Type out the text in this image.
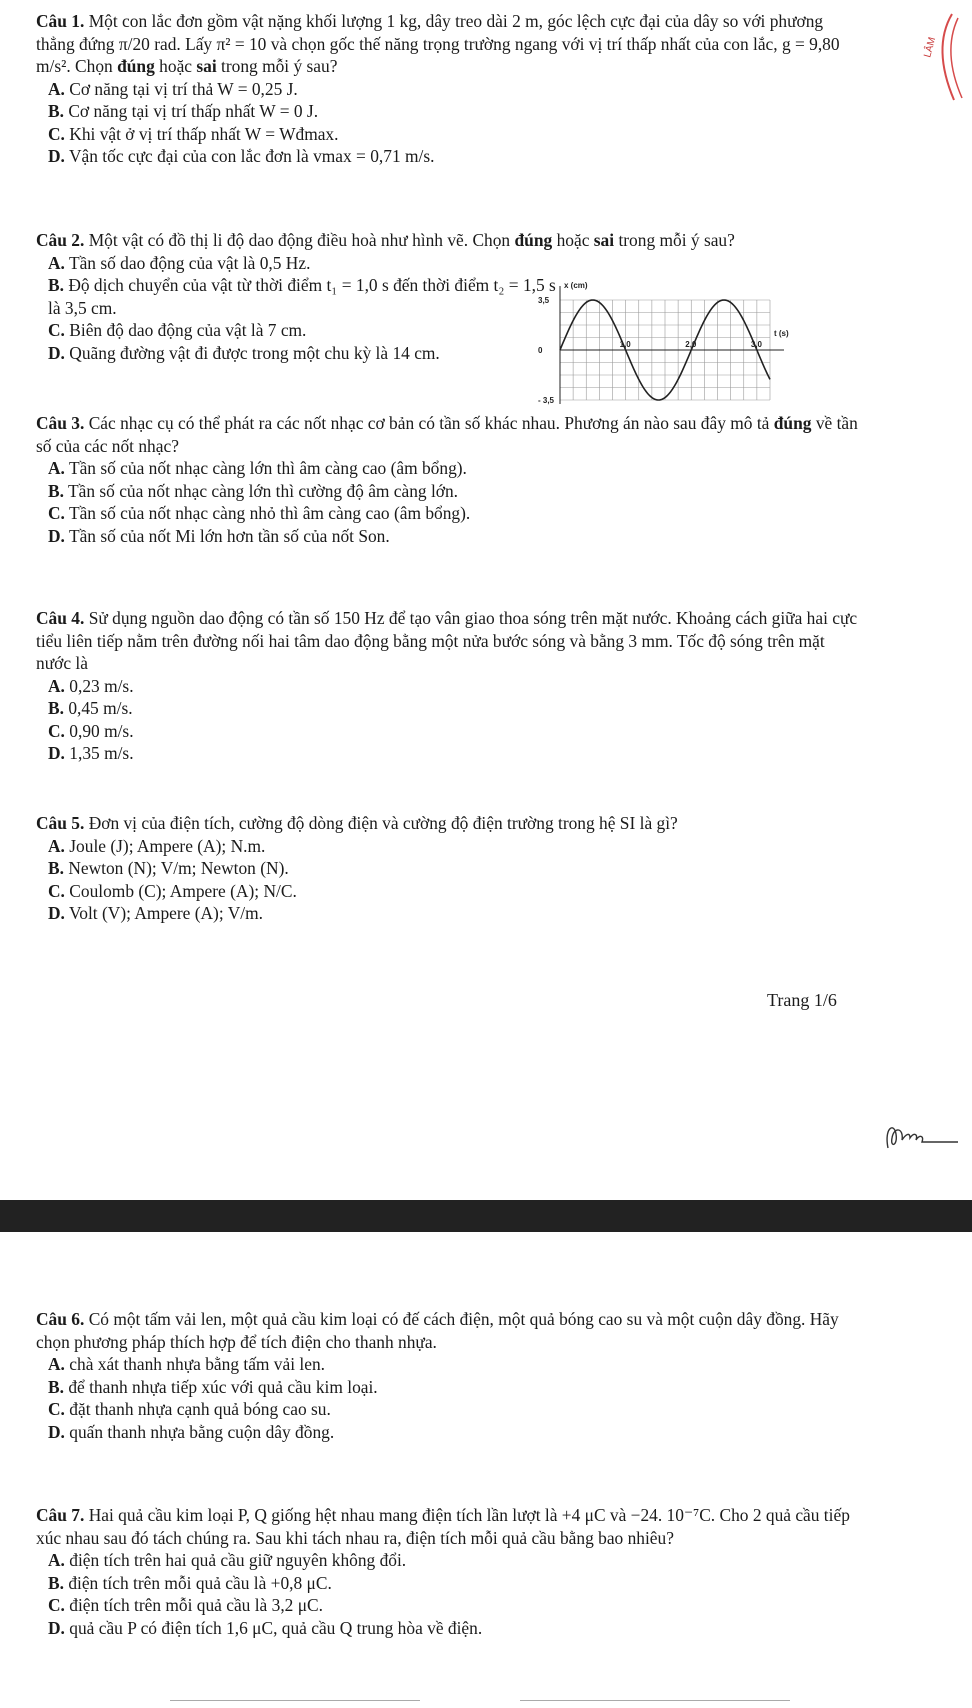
Câu 1. Một con lắc đơn gồm vật nặng khối lượng 1 kg, dây treo dài 2 m, góc lệch cực đại của dây so với phương thẳng đứng π/20 rad. Lấy π² = 10 và chọn gốc thế năng trọng trường ngang với vị trí thấp nhất của con lắc, g = 9,80 m/s². Chọn đúng hoặc sai trong mỗi ý sau?

A. Cơ năng tại vị trí thả W = 0,25 J.

B. Cơ năng tại vị trí thấp nhất W = 0 J.

C. Khi vật ở vị trí thấp nhất W = Wđmax.

D. Vận tốc cực đại của con lắc đơn là vmax = 0,71 m/s.

LÂM

Câu 2. Một vật có đồ thị li độ dao động điều hoà như hình vẽ. Chọn đúng hoặc sai trong mỗi ý sau?

A. Tần số dao động của vật là 0,5 Hz.

B. Độ dịch chuyển của vật từ thời điểm t₁ = 1,0 s đến thời điểm t₂ = 1,5 s là 3,5 cm.

C. Biên độ dao động của vật là 7 cm.

D. Quãng đường vật đi được trong một chu kỳ là 14 cm.

x (cm)
t (s)
1,0	2,0	3,0
3,5
0
- 3,5

Câu 3. Các nhạc cụ có thể phát ra các nốt nhạc cơ bản có tần số khác nhau. Phương án nào sau đây mô tả đúng về tần số của các nốt nhạc?

A. Tần số của nốt nhạc càng lớn thì âm càng cao (âm bổng).

B. Tần số của nốt nhạc càng lớn thì cường độ âm càng lớn.

C. Tần số của nốt nhạc càng nhỏ thì âm càng cao (âm bổng).

D. Tần số của nốt Mi lớn hơn tần số của nốt Son.

Câu 4. Sử dụng nguồn dao động có tần số 150 Hz để tạo vân giao thoa sóng trên mặt nước. Khoảng cách giữa hai cực tiểu liên tiếp nằm trên đường nối hai tâm dao động bằng một nửa bước sóng và bằng 3 mm. Tốc độ sóng trên mặt nước là

A. 0,23 m/s.

B. 0,45 m/s.

C. 0,90 m/s.

D. 1,35 m/s.

Câu 5. Đơn vị của điện tích, cường độ dòng điện và cường độ điện trường trong hệ SI là gì?

A. Joule (J); Ampere (A); N.m.

B. Newton (N); V/m; Newton (N).

C. Coulomb (C); Ampere (A); N/C.

D. Volt (V); Ampere (A); V/m.

Trang 1/6

Câu 6. Có một tấm vải len, một quả cầu kim loại có đế cách điện, một quả bóng cao su và một cuộn dây đồng. Hãy chọn phương pháp thích hợp để tích điện cho thanh nhựa.

A. chà xát thanh nhựa bằng tấm vải len.

B. để thanh nhựa tiếp xúc với quả cầu kim loại.

C. đặt thanh nhựa cạnh quả bóng cao su.

D. quấn thanh nhựa bằng cuộn dây đồng.

Câu 7. Hai quả cầu kim loại P, Q giống hệt nhau mang điện tích lần lượt là +4 μC và −24. 10⁻⁷C. Cho 2 quả cầu tiếp xúc nhau sau đó tách chúng ra. Sau khi tách nhau ra, điện tích mỗi quả cầu bằng bao nhiêu?

A. điện tích trên hai quả cầu giữ nguyên không đổi.

B. điện tích trên mỗi quả cầu là +0,8 μC.

C. điện tích trên mỗi quả cầu là 3,2 μC.

D. quả cầu P có điện tích 1,6 μC, quả cầu Q trung hòa về điện.
